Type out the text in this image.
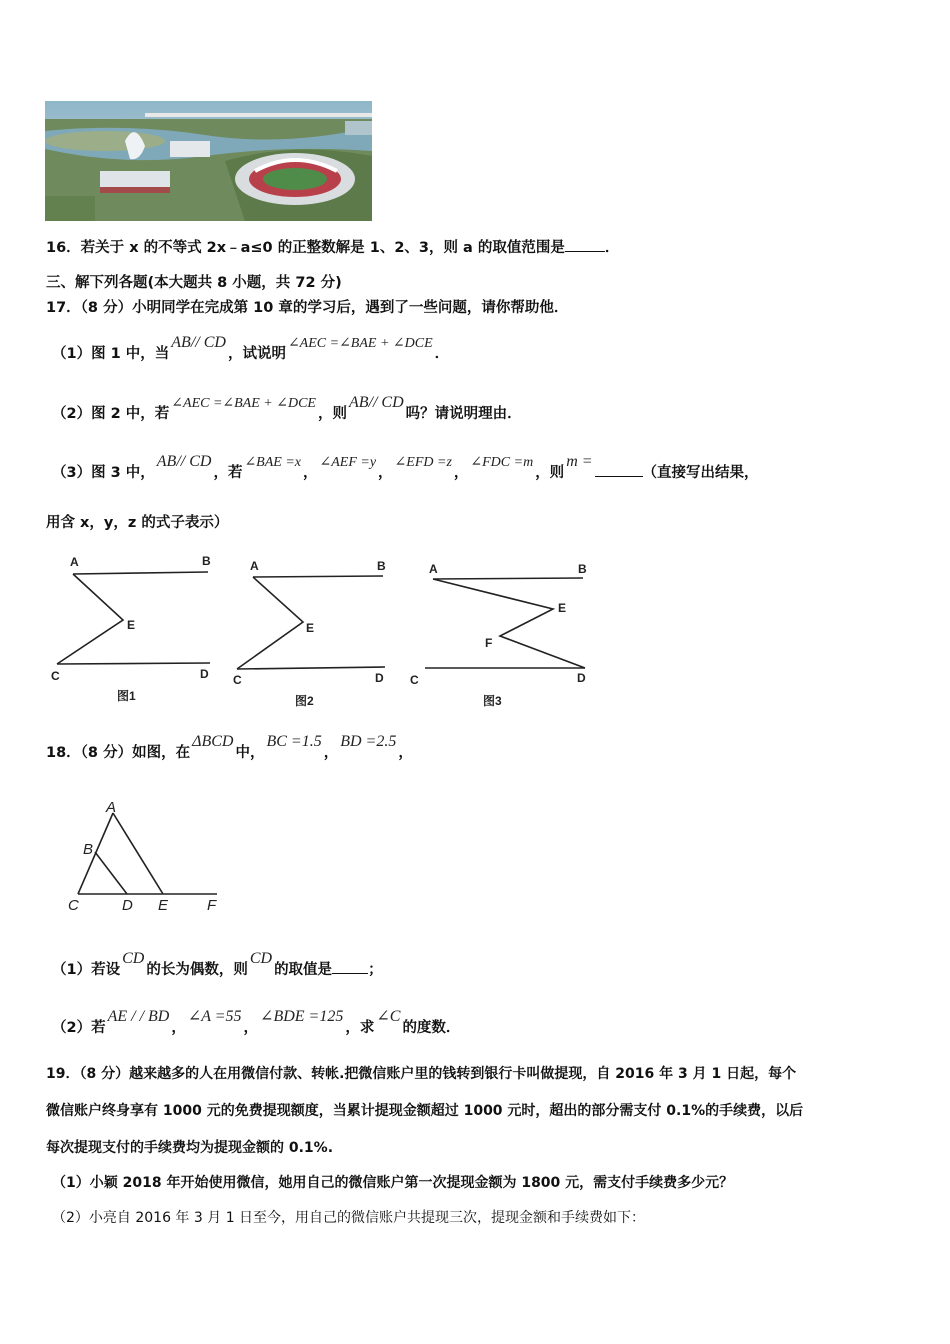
16．若关于 x 的不等式 2x﹣a≤0 的正整数解是 1、2、3，则 a 的取值范围是	．
三、解下列各题(本大题共 8 小题，共 72 分)
17．（8 分）小明同学在完成第 10 章的学习后，遇到了一些问题，请你帮助他．
（1）图 1 中，当AB// CD，试说明∠AEC =∠BAE + ∠DCE．
（2）图 2 中，若∠AEC =∠BAE + ∠DCE，则AB// CD吗？请说明理由．
（3）图 3 中，AB// CD，若∠BAE =x，∠AEF =y，∠EFD =z，∠FDC =m，则m =（直接写出结果，
用含 x，y，z 的式子表示）
A	B
E
C	D
图1
A	B
E
C	D
图2
A	B
E
F
C	D
图3
18．（8 分）如图，在ΔBCD中，BC =1.5，BD =2.5，
A
B
C	D E	F
（1）若设CD的长为偶数，则CD的取值是 ；
（2）若AE / / BD，∠A =55，∠BDE =125，求∠C的度数．
19．（8 分）越来越多的人在用微信付款、转帐.把微信账户里的钱转到银行卡叫做提现，自 2016 年 3 月 1 日起，每个
微信账户终身享有 1000 元的免费提现额度，当累计提现金额超过 1000 元时，超出的部分需支付 0.1%的手续费，以后
每次提现支付的手续费均为提现金额的 0.1%.
（1）小颖 2018 年开始使用微信，她用自己的微信账户第一次提现金额为 1800 元，需支付手续费多少元？
（2）小亮自 2016 年 3 月 1 日至今，用自己的微信账户共提现三次，提现金额和手续费如下：
